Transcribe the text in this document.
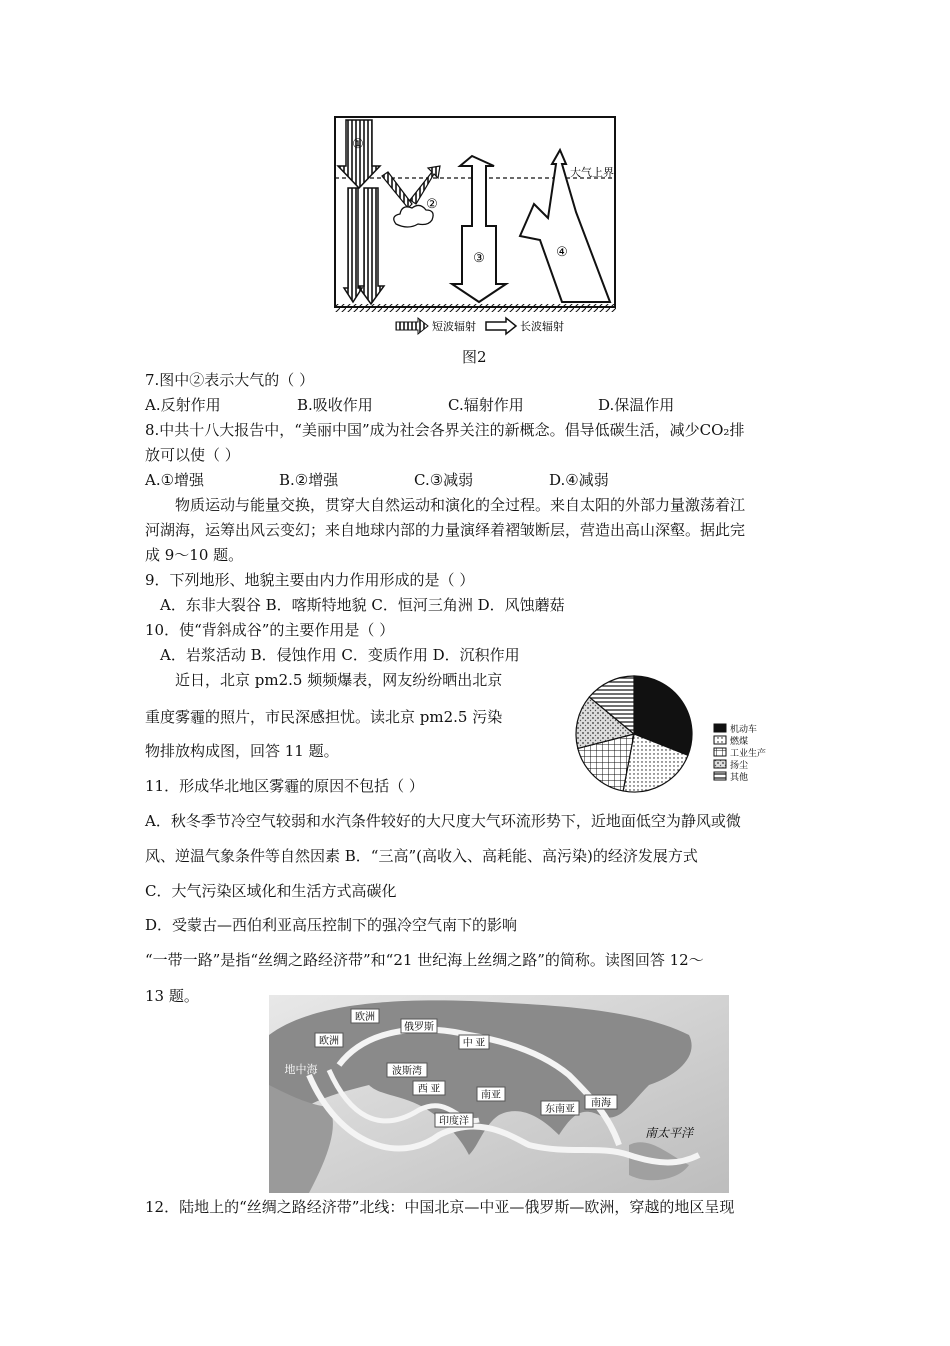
①
②
③	④
大气上界
短波辐射	长波辐射
图2
7.图中②表示大气的（ ）
A.反射作用	B.吸收作用	C.辐射作用	D.保温作用
8.中共十八大报告中，“美丽中国”成为社会各界关注的新概念。倡导低碳生活，减少CO₂排
放可以使（ ）
A.①增强	B.②增强	C.③减弱	D.④减弱
物质运动与能量交换，贯穿大自然运动和演化的全过程。来自太阳的外部力量激荡着江
河湖海，运筹出风云变幻；来自地球内部的力量演绎着褶皱断层，营造出高山深壑。据此完
成 9～10 题。
9．下列地形、地貌主要由内力作用形成的是（ ）
A．东非大裂谷 B．喀斯特地貌 C．恒河三角洲 D．风蚀蘑菇
10．使“背斜成谷”的主要作用是（ ）
A．岩浆活动 B．侵蚀作用 C．变质作用 D．沉积作用
近日，北京 pm2.5 频频爆表，网友纷纷晒出北京
重度雾霾的照片，市民深感担忧。读北京 pm2.5 污染
物排放构成图，回答 11 题。
机动车
燃煤
工业生产
扬尘
其他
11．形成华北地区雾霾的原因不包括（ ）
A．秋冬季节冷空气较弱和水汽条件较好的大尺度大气环流形势下，近地面低空为静风或微
风、逆温气象条件等自然因素 B．“三高”(高收入、高耗能、高污染)的经济发展方式
C．大气污染区域化和生活方式高碳化
D．受蒙古—西伯利亚高压控制下的强冷空气南下的影响
“一带一路”是指“丝绸之路经济带”和“21 世纪海上丝绸之路”的简称。读图回答 12～
13 题。
欧洲
俄罗斯
欧洲	中 亚
地中海	波斯湾
西 亚
南亚
印度洋
东南亚
南海
南太平洋
12．陆地上的“丝绸之路经济带”北线：中国北京—中亚—俄罗斯—欧洲，穿越的地区呈现
